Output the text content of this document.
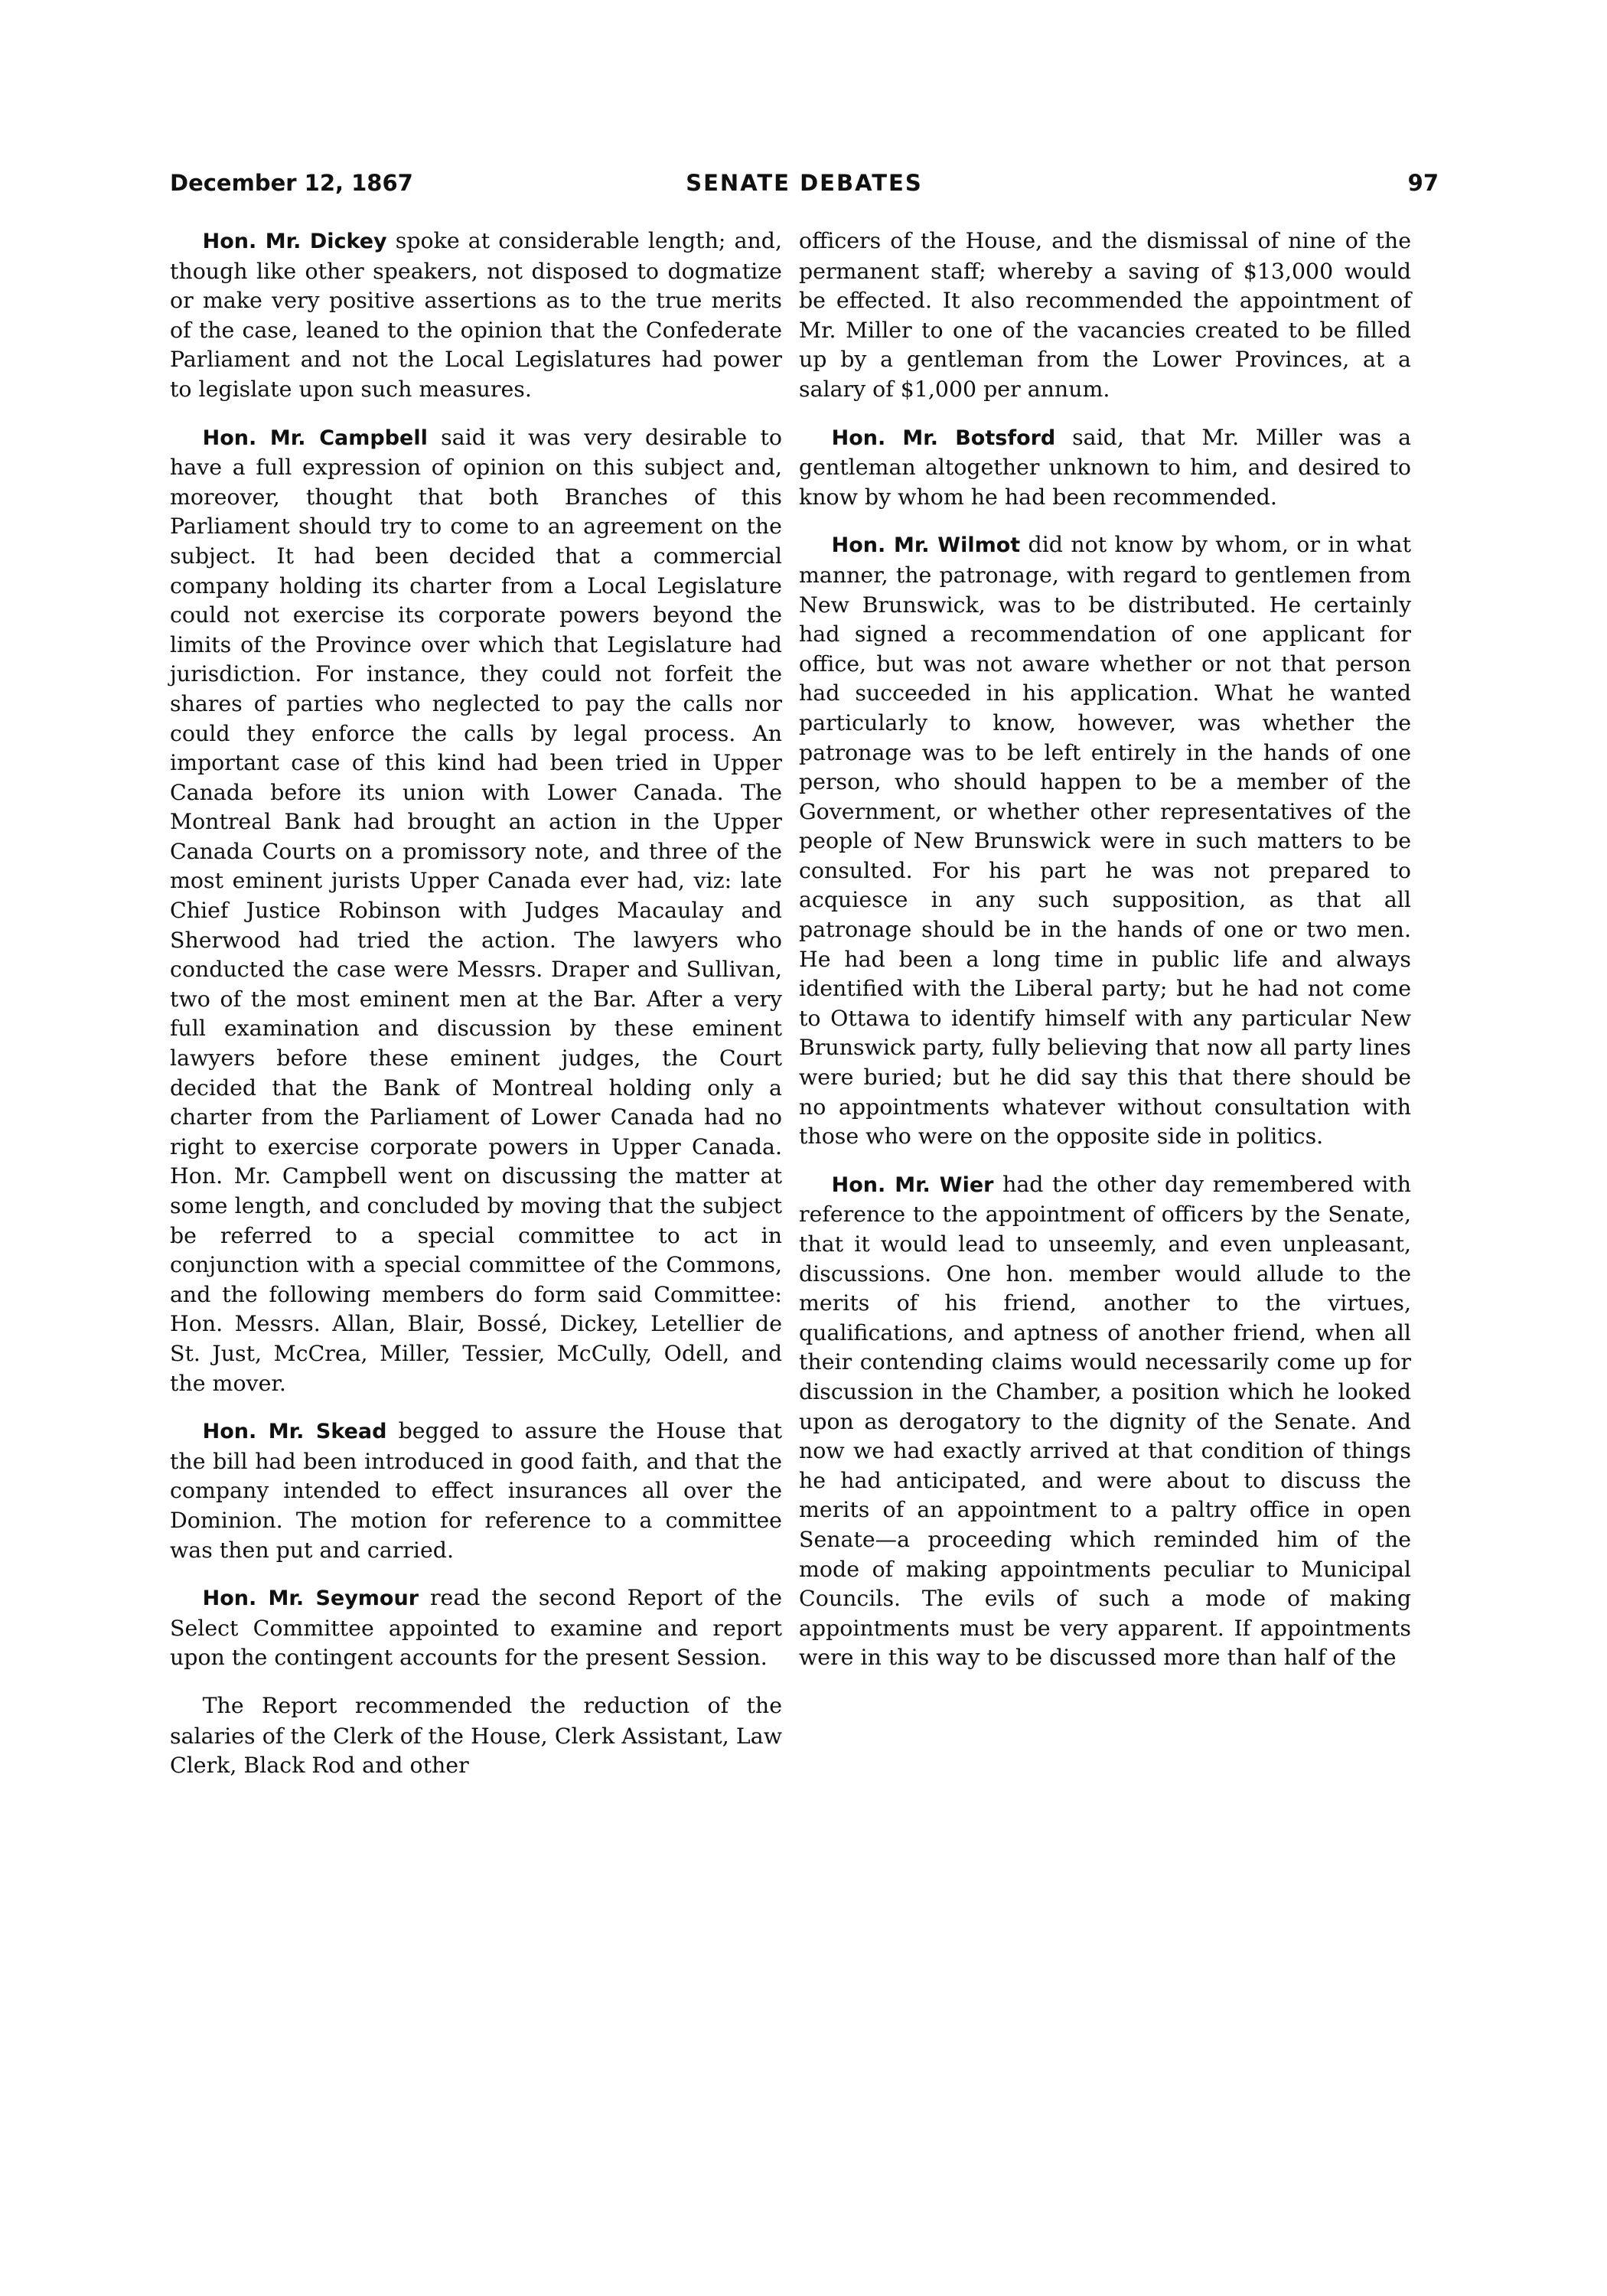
December 12, 1867	SENATE DEBATES	97

Hon. Mr. Dickey spoke at considerable length; and, though like other speakers, not disposed to dogmatize or make very positive assertions as to the true merits of the case, leaned to the opinion that the Confederate Parliament and not the Local Legislatures had power to legislate upon such measures.

Hon. Mr. Campbell said it was very desirable to have a full expression of opinion on this subject and, moreover, thought that both Branches of this Parliament should try to come to an agreement on the subject. It had been decided that a commercial company holding its charter from a Local Legislature could not exercise its corporate powers beyond the limits of the Province over which that Legislature had jurisdiction. For instance, they could not forfeit the shares of parties who neglected to pay the calls nor could they enforce the calls by legal process. An important case of this kind had been tried in Upper Canada before its union with Lower Canada. The Montreal Bank had brought an action in the Upper Canada Courts on a promissory note, and three of the most eminent jurists Upper Canada ever had, viz: late Chief Justice Robinson with Judges Macaulay and Sherwood had tried the action. The lawyers who conducted the case were Messrs. Draper and Sullivan, two of the most eminent men at the Bar. After a very full examination and discussion by these eminent lawyers before these eminent judges, the Court decided that the Bank of Montreal holding only a charter from the Parliament of Lower Canada had no right to exercise corporate powers in Upper Canada. Hon. Mr. Campbell went on discussing the matter at some length, and concluded by moving that the subject be referred to a special committee to act in conjunction with a special committee of the Commons, and the following members do form said Committee: Hon. Messrs. Allan, Blair, Bossé, Dickey, Letellier de St. Just, McCrea, Miller, Tessier, McCully, Odell, and the mover.

Hon. Mr. Skead begged to assure the House that the bill had been introduced in good faith, and that the company intended to effect insurances all over the Dominion. The motion for reference to a committee was then put and carried.

Hon. Mr. Seymour read the second Report of the Select Committee appointed to examine and report upon the contingent accounts for the present Session.

The Report recommended the reduction of the salaries of the Clerk of the House, Clerk Assistant, Law Clerk, Black Rod and other

officers of the House, and the dismissal of nine of the permanent staff; whereby a saving of $13,000 would be effected. It also recommended the appointment of Mr. Miller to one of the vacancies created to be filled up by a gentleman from the Lower Provinces, at a salary of $1,000 per annum.

Hon. Mr. Botsford said, that Mr. Miller was a gentleman altogether unknown to him, and desired to know by whom he had been recommended.

Hon. Mr. Wilmot did not know by whom, or in what manner, the patronage, with regard to gentlemen from New Brunswick, was to be distributed. He certainly had signed a recommendation of one applicant for office, but was not aware whether or not that person had succeeded in his application. What he wanted particularly to know, however, was whether the patronage was to be left entirely in the hands of one person, who should happen to be a member of the Government, or whether other representatives of the people of New Brunswick were in such matters to be consulted. For his part he was not prepared to acquiesce in any such supposition, as that all patronage should be in the hands of one or two men. He had been a long time in public life and always identified with the Liberal party; but he had not come to Ottawa to identify himself with any particular New Brunswick party, fully believing that now all party lines were buried; but he did say this that there should be no appointments whatever without consultation with those who were on the opposite side in politics.

Hon. Mr. Wier had the other day remembered with reference to the appointment of officers by the Senate, that it would lead to unseemly, and even unpleasant, discussions. One hon. member would allude to the merits of his friend, another to the virtues, qualifications, and aptness of another friend, when all their contending claims would necessarily come up for discussion in the Chamber, a position which he looked upon as derogatory to the dignity of the Senate. And now we had exactly arrived at that condition of things he had anticipated, and were about to discuss the merits of an appointment to a paltry office in open Senate—a proceeding which reminded him of the mode of making appointments peculiar to Municipal Councils. The evils of such a mode of making appointments must be very apparent. If appointments were in this way to be discussed more than half of the
